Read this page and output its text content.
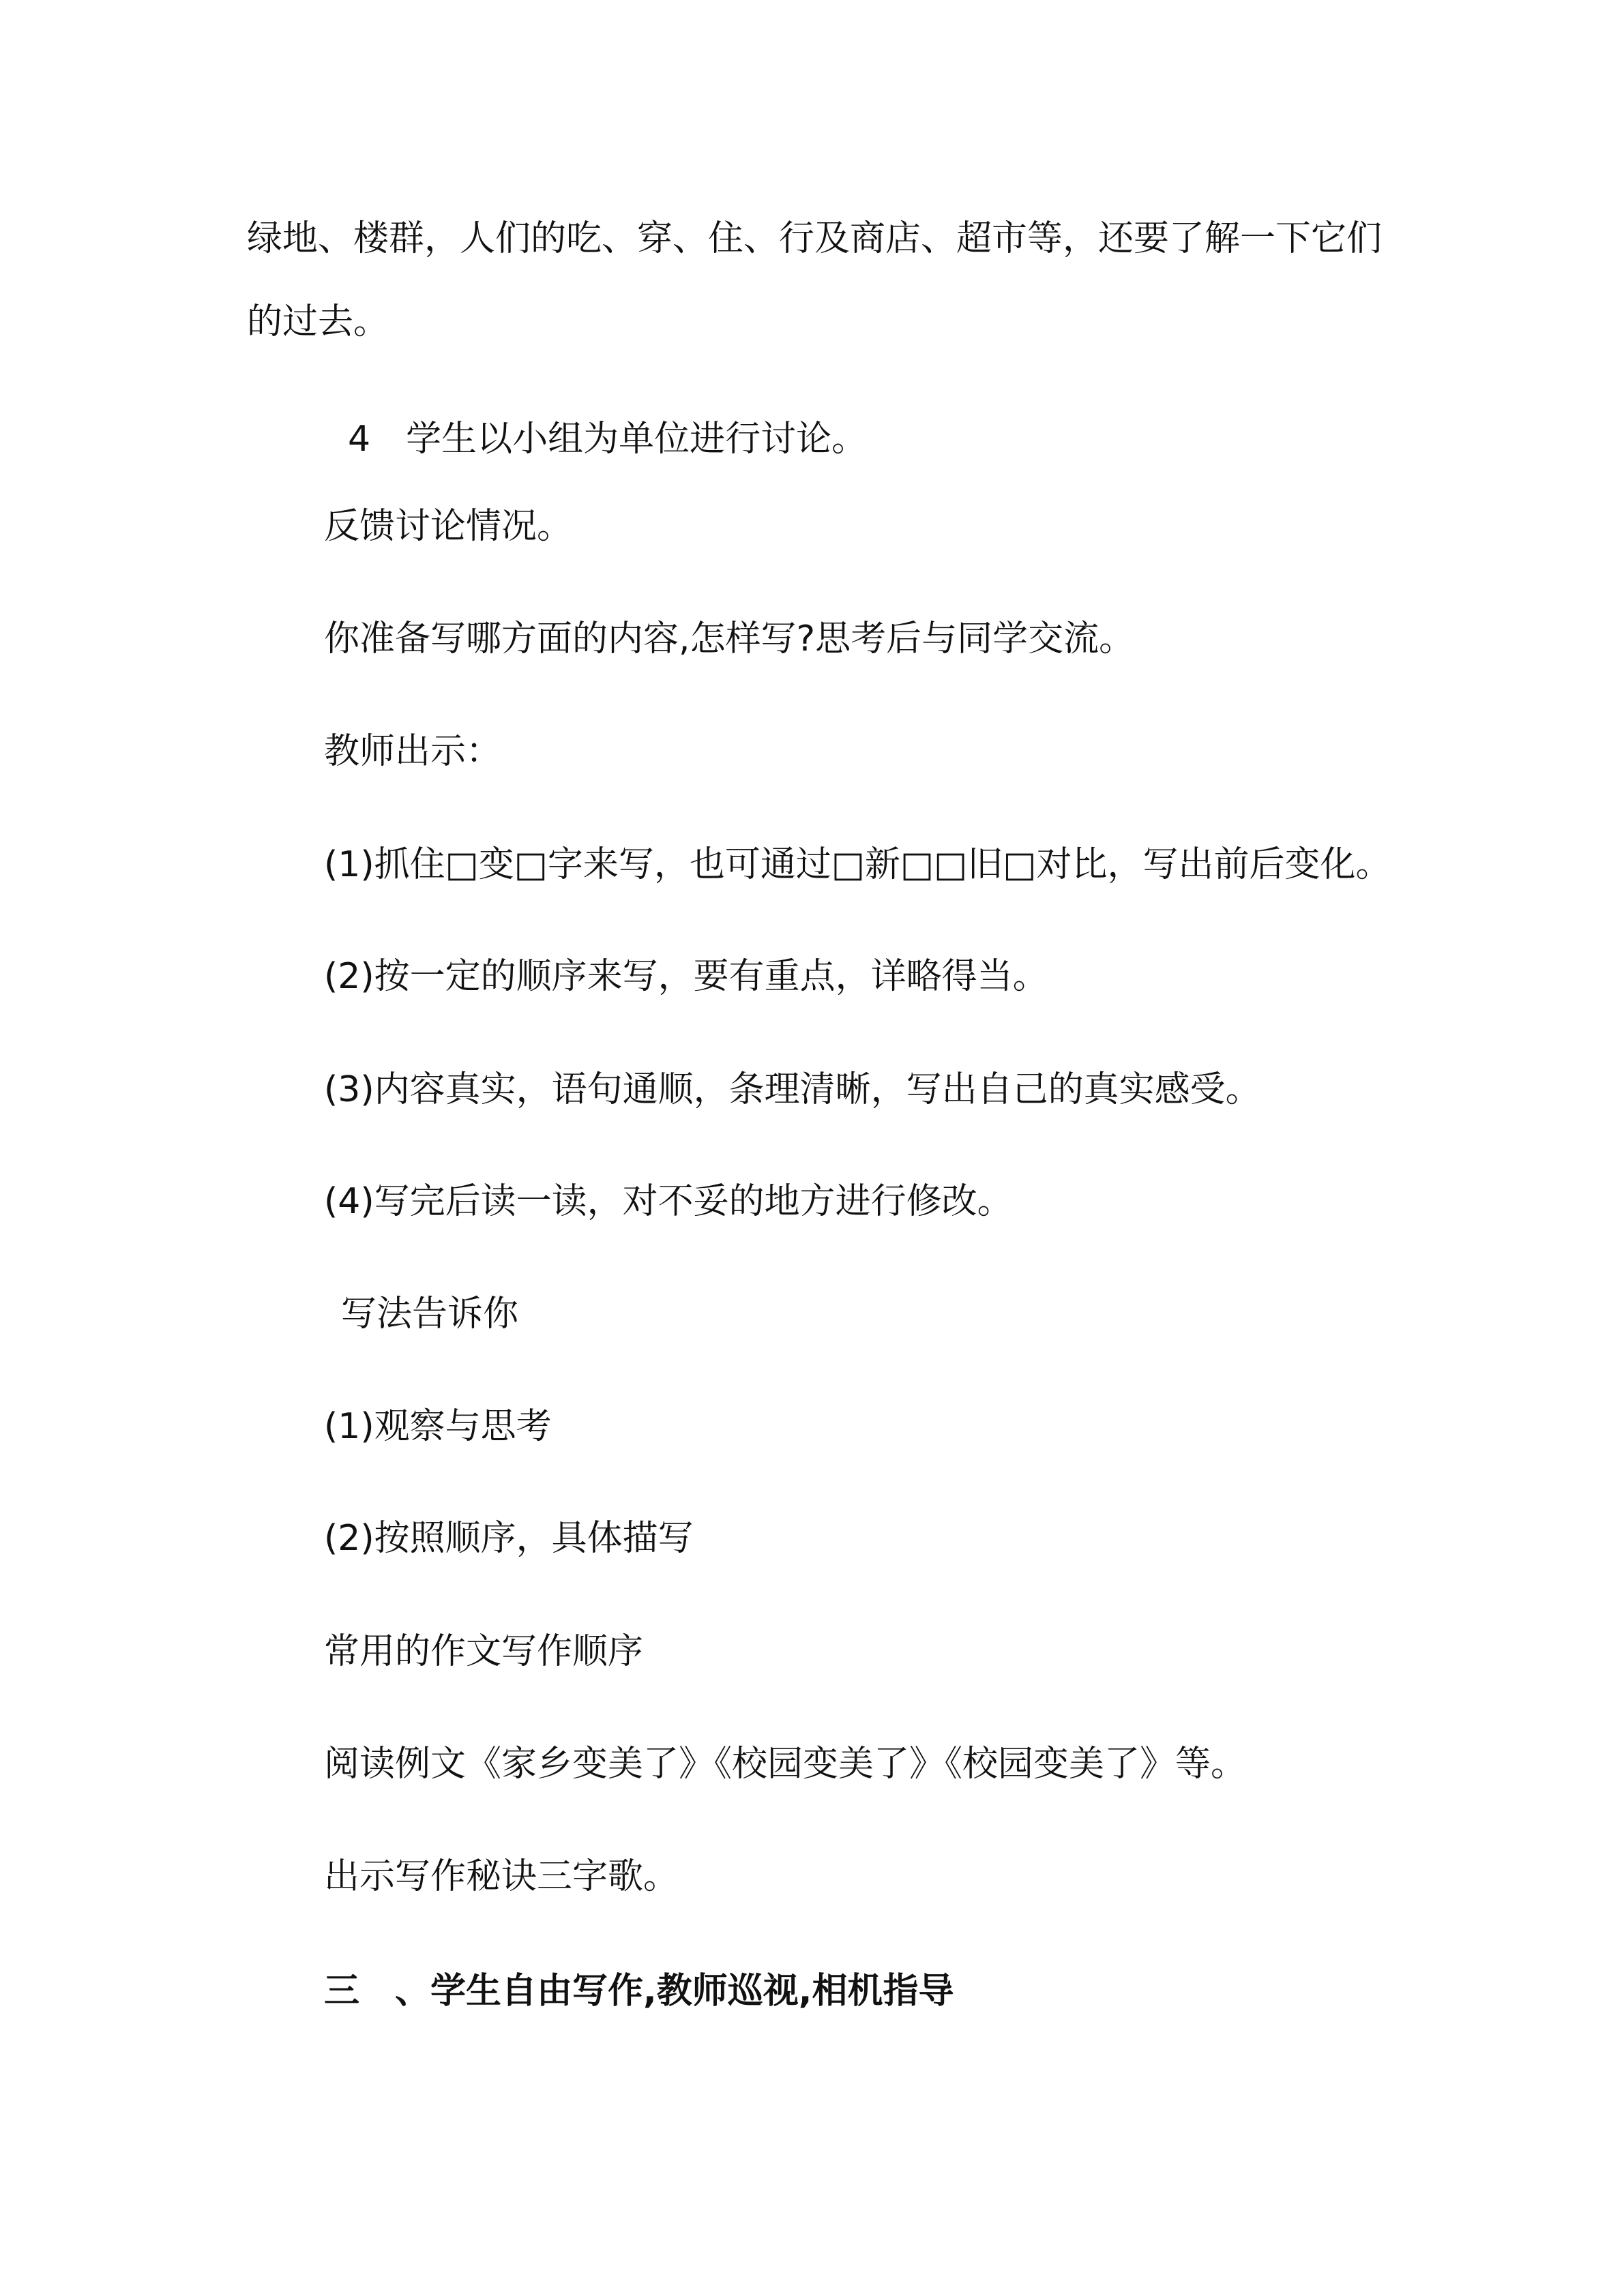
绿地、楼群，人们的吃、穿、住、行及商店、超市等，还要了解一下它们
的过去。
4　学生以小组为单位进行讨论。
反馈讨论情况。
你准备写哪方面的内容,怎样写?思考后与同学交流。
教师出示：
(1)抓住□变□字来写，也可通过□新□□旧□对比，写出前后变化。
(2)按一定的顺序来写，要有重点，详略得当。
(3)内容真实，语句通顺，条理清晰，写出自己的真实感受。
(4)写完后读一读，对不妥的地方进行修改。
写法告诉你
(1)观察与思考
(2)按照顺序，具体描写
常用的作文写作顺序
阅读例文《家乡变美了》《校园变美了》《校园变美了》等。
出示写作秘诀三字歌。
三　、学生自由写作,教师巡视,相机指导
